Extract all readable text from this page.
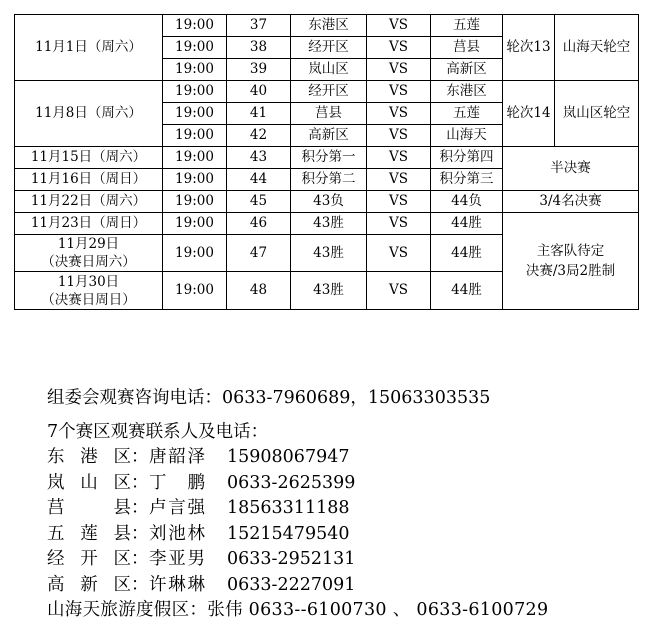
11月1日（周六）	19:00	37	东港区	VS	五莲	轮次13	山海天轮空
	19:00	38	经开区	VS	莒县		
	19:00	39	岚山区	VS	高新区		
11月8日（周六）	19:00	40	经开区	VS	东港区	轮次14	岚山区轮空
	19:00	41	莒县	VS	五莲		
	19:00	42	高新区	VS	山海天		
11月15日（周六）	19:00	43	积分第一	VS	积分第四	半决赛	
11月16日（周日）	19:00	44	积分第二	VS	积分第三		
11月22日（周六）	19:00	45	43负	VS	44负	3/4名决赛	
11月23日（周日）	19:00	46	43胜	VS	44胜	主客队待定
决赛/3局2胜制	

11月29日
（决赛日周六）	19:00	47	43胜	VS	44胜		

11月30日
（决赛日周日）	19:00	48	43胜	VS	44胜		
组委会观赛咨询电话：0633-7960689，15063303535
7个赛区观赛联系人及电话：
东港区 ： 唐韶泽 15908067947
岚山区 ： 丁鹏 0633-2625399
莒县 ： 卢言强 18563311188
五莲县 ： 刘池林 15215479540
经开区 ： 李亚男 0633-2952131
高新区 ： 许琳琳 0633-2227091
山海天旅游度假区：张伟 0633--6100730 、 0633-6100729
